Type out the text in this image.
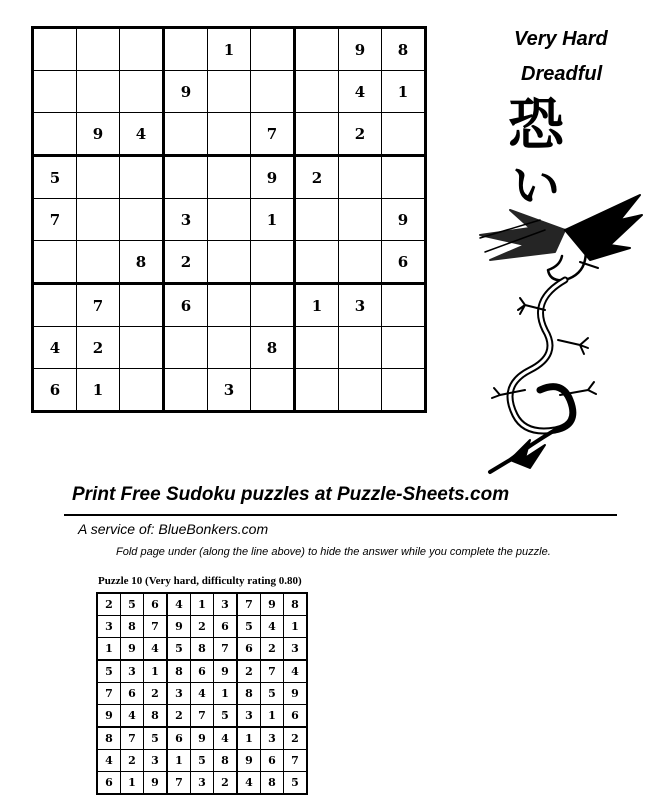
				1			9	8
			9				4	1
	9	4			7		2	
5					9	2		
7			3		1			9
		8	2					6
	7		6			1	3	
4	2				8			
6	1			3				
Very Hard
Dreadful
恐
い
Print Free Sudoku puzzles at Puzzle-Sheets.com
A service of: BlueBonkers.com
Fold page under (along the line above) to hide the answer while you complete the puzzle.
Puzzle 10 (Very hard, difficulty rating 0.80)
2	5	6	4	1	3	7	9	8
3	8	7	9	2	6	5	4	1
1	9	4	5	8	7	6	2	3
5	3	1	8	6	9	2	7	4
7	6	2	3	4	1	8	5	9
9	4	8	2	7	5	3	1	6
8	7	5	6	9	4	1	3	2
4	2	3	1	5	8	9	6	7
6	1	9	7	3	2	4	8	5
